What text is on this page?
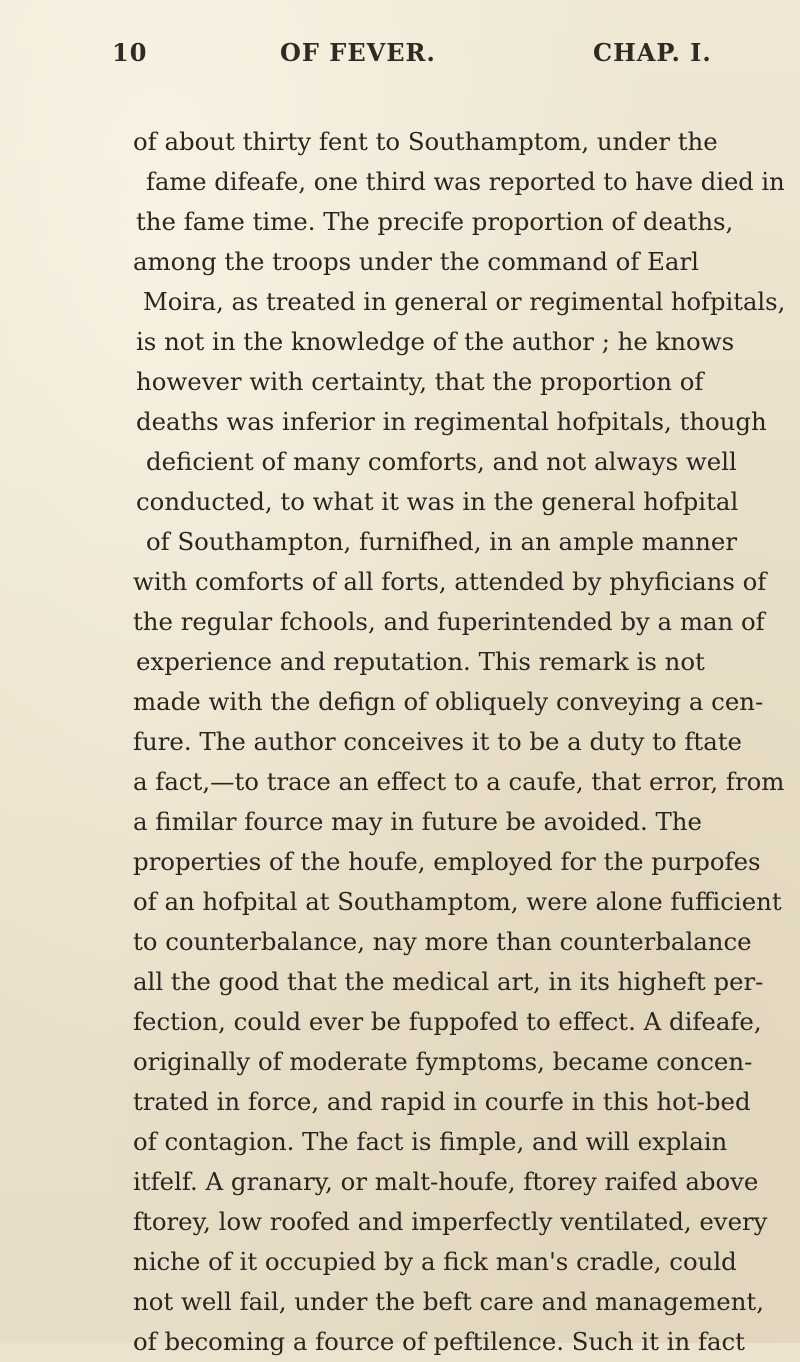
10	OF FEVER.	CHAP. I.
of about thirty fent to Southamptom, under the
fame difeafe, one third was reported to have died in
the fame time. The precife proportion of deaths,
among the troops under the command of Earl
Moira, as treated in general or regimental hofpitals,
is not in the knowledge of the author ; he knows
however with certainty, that the proportion of
deaths was inferior in regimental hofpitals, though
deficient of many comforts, and not always well
conducted, to what it was in the general hofpital
of Southampton, furnifhed, in an ample manner
with comforts of all forts, attended by phyficians of
the regular fchools, and fuperintended by a man of
experience and reputation. This remark is not
made with the defign of obliquely conveying a cen-
fure. The author conceives it to be a duty to ftate
a fact,—to trace an effect to a caufe, that error, from
a fimilar fource may in future be avoided. The
properties of the houfe, employed for the purpofes
of an hofpital at Southamptom, were alone fufficient
to counterbalance, nay more than counterbalance
all the good that the medical art, in its higheft per-
fection, could ever be fuppofed to effect. A difeafe,
originally of moderate fymptoms, became concen-
trated in force, and rapid in courfe in this hot-bed
of contagion. The fact is fimple, and will explain
itfelf. A granary, or malt-houfe, ftorey raifed above
ftorey, low roofed and imperfectly ventilated, every
niche of it occupied by a fick man's cradle, could
not well fail, under the beft care and management,
of becoming a fource of peftilence. Such it in fact
